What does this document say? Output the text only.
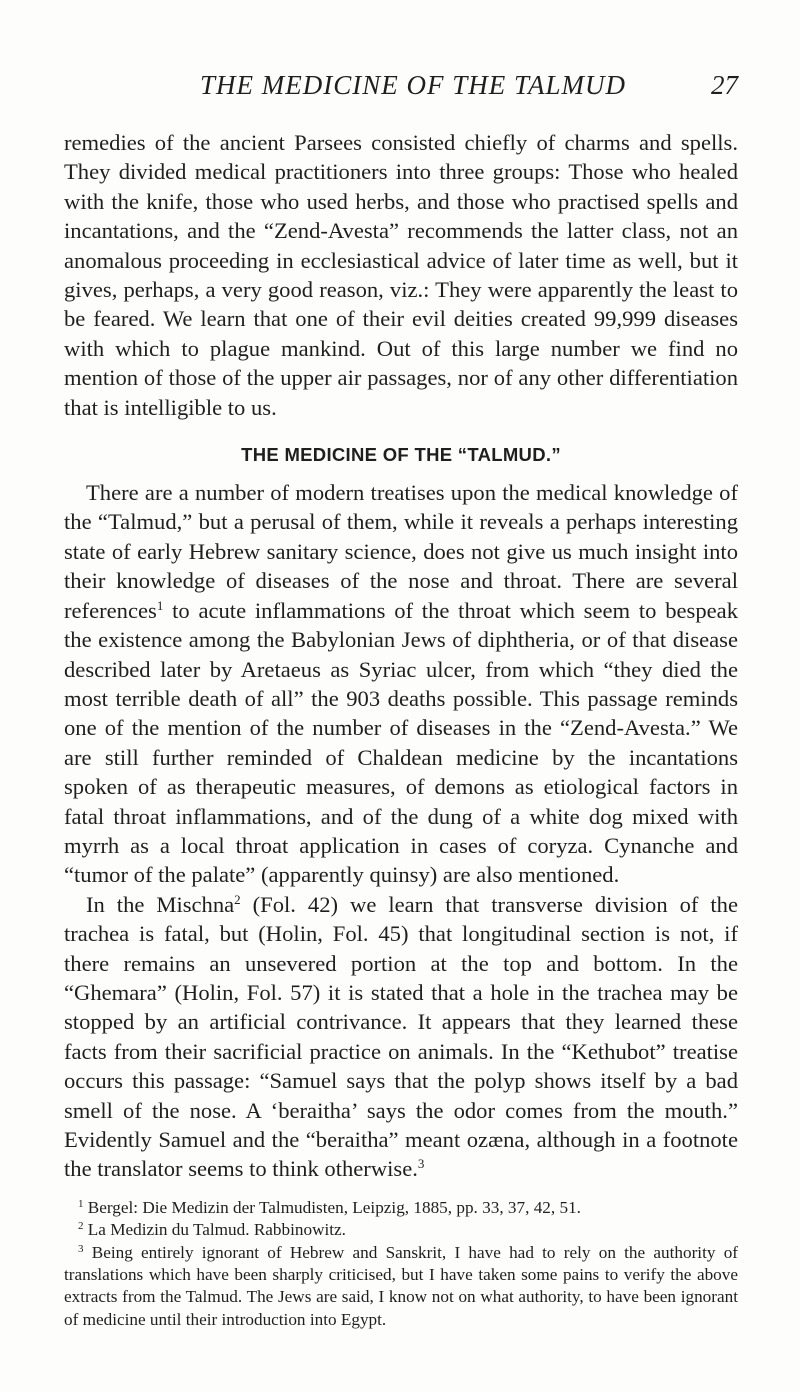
THE MEDICINE OF THE TALMUD	27

remedies of the ancient Parsees consisted chiefly of charms and spells. They divided medical practitioners into three groups: Those who healed with the knife, those who used herbs, and those who practised spells and incantations, and the “Zend-Avesta” recommends the latter class, not an anomalous proceeding in ecclesiastical advice of later time as well, but it gives, perhaps, a very good reason, viz.: They were apparently the least to be feared. We learn that one of their evil deities created 99,999 diseases with which to plague mankind. Out of this large number we find no mention of those of the upper air passages, nor of any other differentiation that is intelligible to us.

THE MEDICINE OF THE “TALMUD.”

There are a number of modern treatises upon the medical knowledge of the “Talmud,” but a perusal of them, while it reveals a perhaps interesting state of early Hebrew sanitary science, does not give us much insight into their knowledge of diseases of the nose and throat. There are several references$^1$ to acute inflammations of the throat which seem to bespeak the existence among the Babylonian Jews of diphtheria, or of that disease described later by Aretaeus as Syriac ulcer, from which “they died the most terrible death of all” the 903 deaths possible. This passage reminds one of the mention of the number of diseases in the “Zend-Avesta.” We are still further reminded of Chaldean medicine by the incantations spoken of as therapeutic measures, of demons as etiological factors in fatal throat inflammations, and of the dung of a white dog mixed with myrrh as a local throat application in cases of coryza. Cynanche and “tumor of the palate” (apparently quinsy) are also mentioned.

In the Mischna$^2$ (Fol. 42) we learn that transverse division of the trachea is fatal, but (Holin, Fol. 45) that longitudinal section is not, if there remains an unsevered portion at the top and bottom. In the “Ghemara” (Holin, Fol. 57) it is stated that a hole in the trachea may be stopped by an artificial contrivance. It appears that they learned these facts from their sacrificial practice on animals. In the “Kethubot” treatise occurs this passage: “Samuel says that the polyp shows itself by a bad smell of the nose. A ‘beraitha’ says the odor comes from the mouth.” Evidently Samuel and the “beraitha” meant ozæna, although in a footnote the translator seems to think otherwise.$^3$

$^1$ Bergel: Die Medizin der Talmudisten, Leipzig, 1885, pp. 33, 37, 42, 51.

$^2$ La Medizin du Talmud. Rabbinowitz.

$^3$ Being entirely ignorant of Hebrew and Sanskrit, I have had to rely on the authority of translations which have been sharply criticised, but I have taken some pains to verify the above extracts from the Talmud. The Jews are said, I know not on what authority, to have been ignorant of medicine until their introduction into Egypt.
